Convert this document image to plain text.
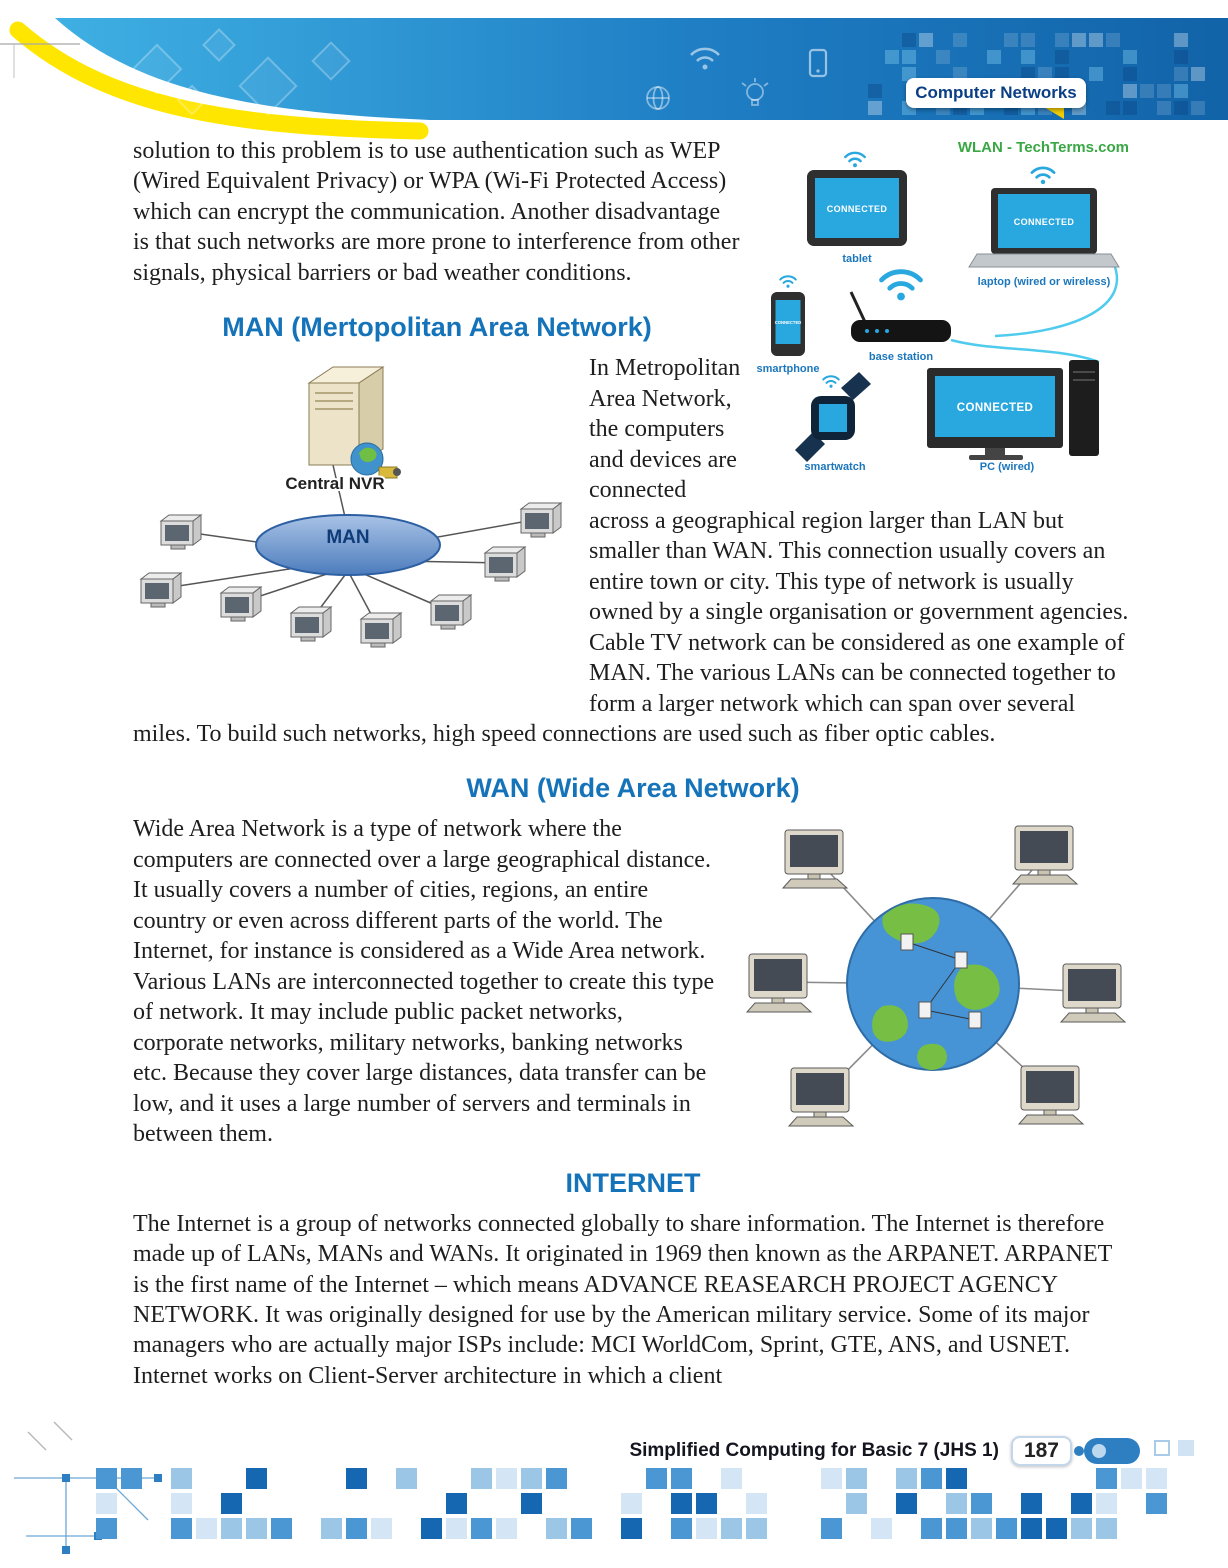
Computer Networks
WLAN - TechTerms.com
CONNECTED
tablet
CONNECTED
laptop (wired or wireless)
CONNECTED
smartphone
base station
smartwatch
CONNECTED
PC (wired)

solution to this problem is to use authentication such as WEP (Wired Equivalent Privacy) or WPA (Wi-Fi Protected Access) which can encrypt the communication. Another disadvantage is that such networks are more prone to interference from other signals, physical barriers or bad weather conditions.

MAN (Mertopolitan Area Network)
Central NVR
MAN

In Metropolitan Area Network, the computers and devices are connected across a geographical region larger than LAN but smaller than WAN. This connection usually covers an entire town or city. This type of network is usually owned by a single organisation or government agencies. Cable TV network can be considered as one example of MAN. The various LANs can be connected together to form a larger network which can span over several miles. To build such networks, high speed connections are used such as fiber optic cables.

WAN (Wide Area Network)

Wide Area Network is a type of network where the computers are connected over a large geographical distance. It usually covers a number of cities, regions, an entire country or even across different parts of the world. The Internet, for instance is considered as a Wide Area network. Various LANs are interconnected together to create this type of network. It may include public packet networks, corporate networks, military networks, banking networks etc. Because they cover large distances, data transfer can be low, and it uses a large number of servers and terminals in between them.

INTERNET

The Internet is a group of networks connected globally to share information. The Internet is therefore made up of LANs, MANs and WANs. It originated in 1969 then known as the ARPANET. ARPANET is the first name of the Internet – which means ADVANCE REASEARCH PROJECT AGENCY NETWORK. It was originally designed for use by the American military service. Some of its major managers who are actually major ISPs include: MCI WorldCom, Sprint, GTE, ANS, and USNET. Internet works on Client-Server architecture in which a client

Simplified Computing for Basic 7 (JHS 1)	187
